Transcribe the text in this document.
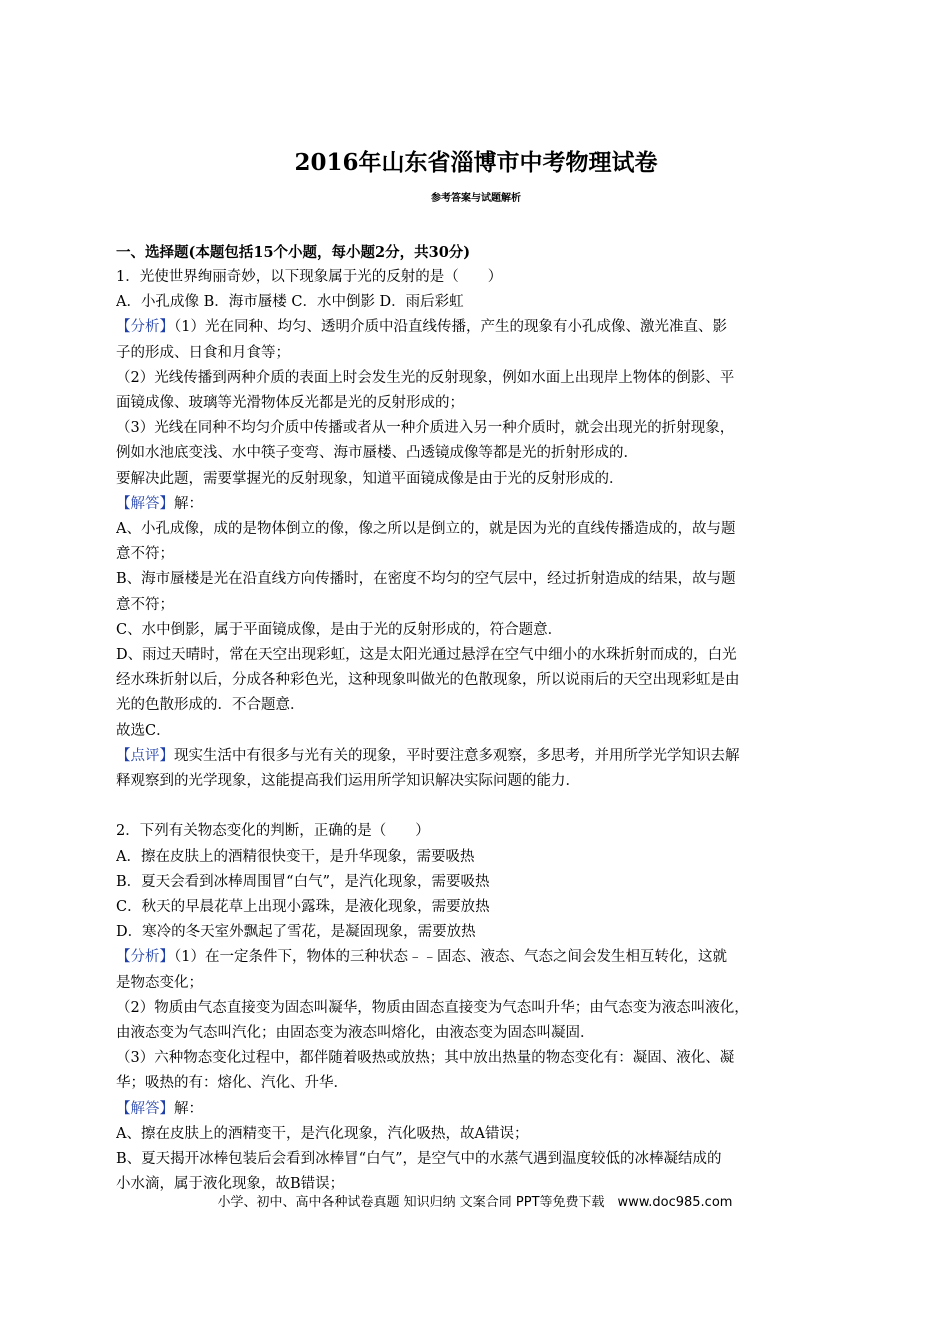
2016年山东省淄博市中考物理试卷
参考答案与试题解析
一、选择题(本题包括15个小题，每小题2分，共30分)
1．光使世界绚丽奇妙，以下现象属于光的反射的是（　　）
A．小孔成像 B．海市蜃楼 C．水中倒影 D．雨后彩虹
【分析】（1）光在同种、均匀、透明介质中沿直线传播，产生的现象有小孔成像、激光准直、影
子的形成、日食和月食等；
（2）光线传播到两种介质的表面上时会发生光的反射现象，例如水面上出现岸上物体的倒影、平
面镜成像、玻璃等光滑物体反光都是光的反射形成的；
（3）光线在同种不均匀介质中传播或者从一种介质进入另一种介质时，就会出现光的折射现象，
例如水池底变浅、水中筷子变弯、海市蜃楼、凸透镜成像等都是光的折射形成的．
要解决此题，需要掌握光的反射现象，知道平面镜成像是由于光的反射形成的．
【解答】解：
A、小孔成像，成的是物体倒立的像，像之所以是倒立的，就是因为光的直线传播造成的，故与题
意不符；
B、海市蜃楼是光在沿直线方向传播时，在密度不均匀的空气层中，经过折射造成的结果，故与题
意不符；
C、水中倒影，属于平面镜成像，是由于光的反射形成的，符合题意．
D、雨过天晴时，常在天空出现彩虹，这是太阳光通过悬浮在空气中细小的水珠折射而成的，白光
经水珠折射以后，分成各种彩色光，这种现象叫做光的色散现象，所以说雨后的天空出现彩虹是由
光的色散形成的．不合题意．
故选C．
【点评】现实生活中有很多与光有关的现象，平时要注意多观察，多思考，并用所学光学知识去解
释观察到的光学现象，这能提高我们运用所学知识解决实际问题的能力．
2．下列有关物态变化的判断，正确的是（　　）
A．擦在皮肤上的酒精很快变干，是升华现象，需要吸热
B．夏天会看到冰棒周围冒“白气”，是汽化现象，需要吸热
C．秋天的早晨花草上出现小露珠，是液化现象，需要放热
D．寒冷的冬天室外飘起了雪花，是凝固现象，需要放热
【分析】（1）在一定条件下，物体的三种状态﹣﹣固态、液态、气态之间会发生相互转化，这就
是物态变化；
（2）物质由气态直接变为固态叫凝华，物质由固态直接变为气态叫升华；由气态变为液态叫液化，
由液态变为气态叫汽化；由固态变为液态叫熔化，由液态变为固态叫凝固．
（3）六种物态变化过程中，都伴随着吸热或放热；其中放出热量的物态变化有：凝固、液化、凝
华；吸热的有：熔化、汽化、升华．
【解答】解：
A、擦在皮肤上的酒精变干，是汽化现象，汽化吸热，故A错误；
B、夏天揭开冰棒包装后会看到冰棒冒“白气”，是空气中的水蒸气遇到温度较低的冰棒凝结成的
小水滴，属于液化现象，故B错误；
小学、初中、高中各种试卷真题 知识归纳 文案合同 PPT等免费下载　www.doc985.com
